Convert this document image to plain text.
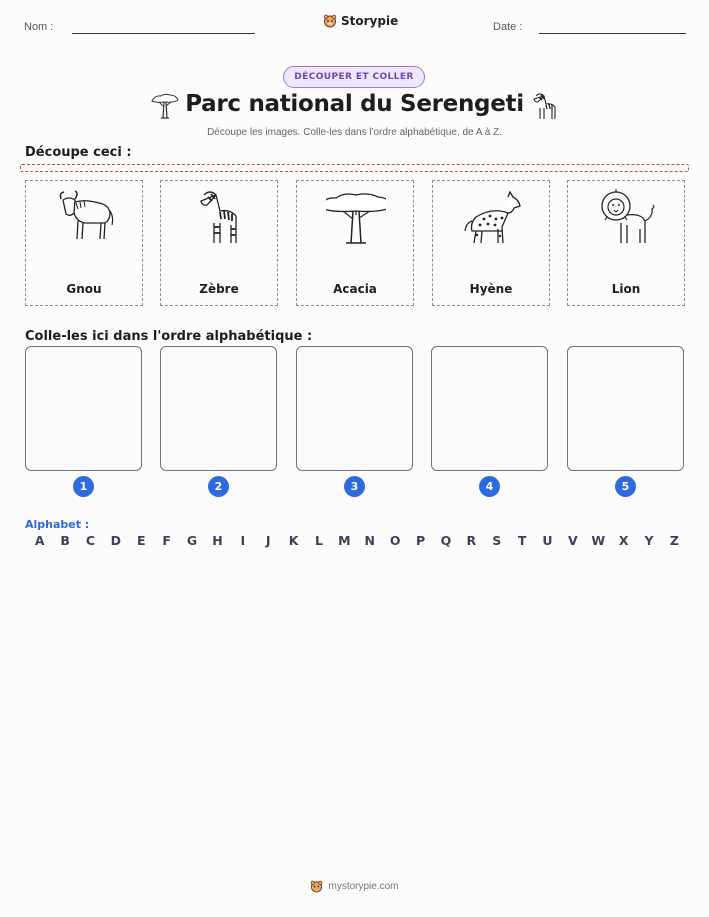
Nom :	Storypie	Date :
DÉCOUPER ET COLLER
Parc national du Serengeti
Découpe les images. Colle-les dans l'ordre alphabétique, de A à Z.
Découpe ceci :
Gnou	Zèbre	Acacia	Hyène	Lion
Colle-les ici dans l'ordre alphabétique :
1	2	3	4	5
Alphabet :
A	B	C	D	E	F	G	H	I	J	K	L	M	N	O	P	Q	R	S	T	U	V	W	X	Y	Z
mystorypie.com
